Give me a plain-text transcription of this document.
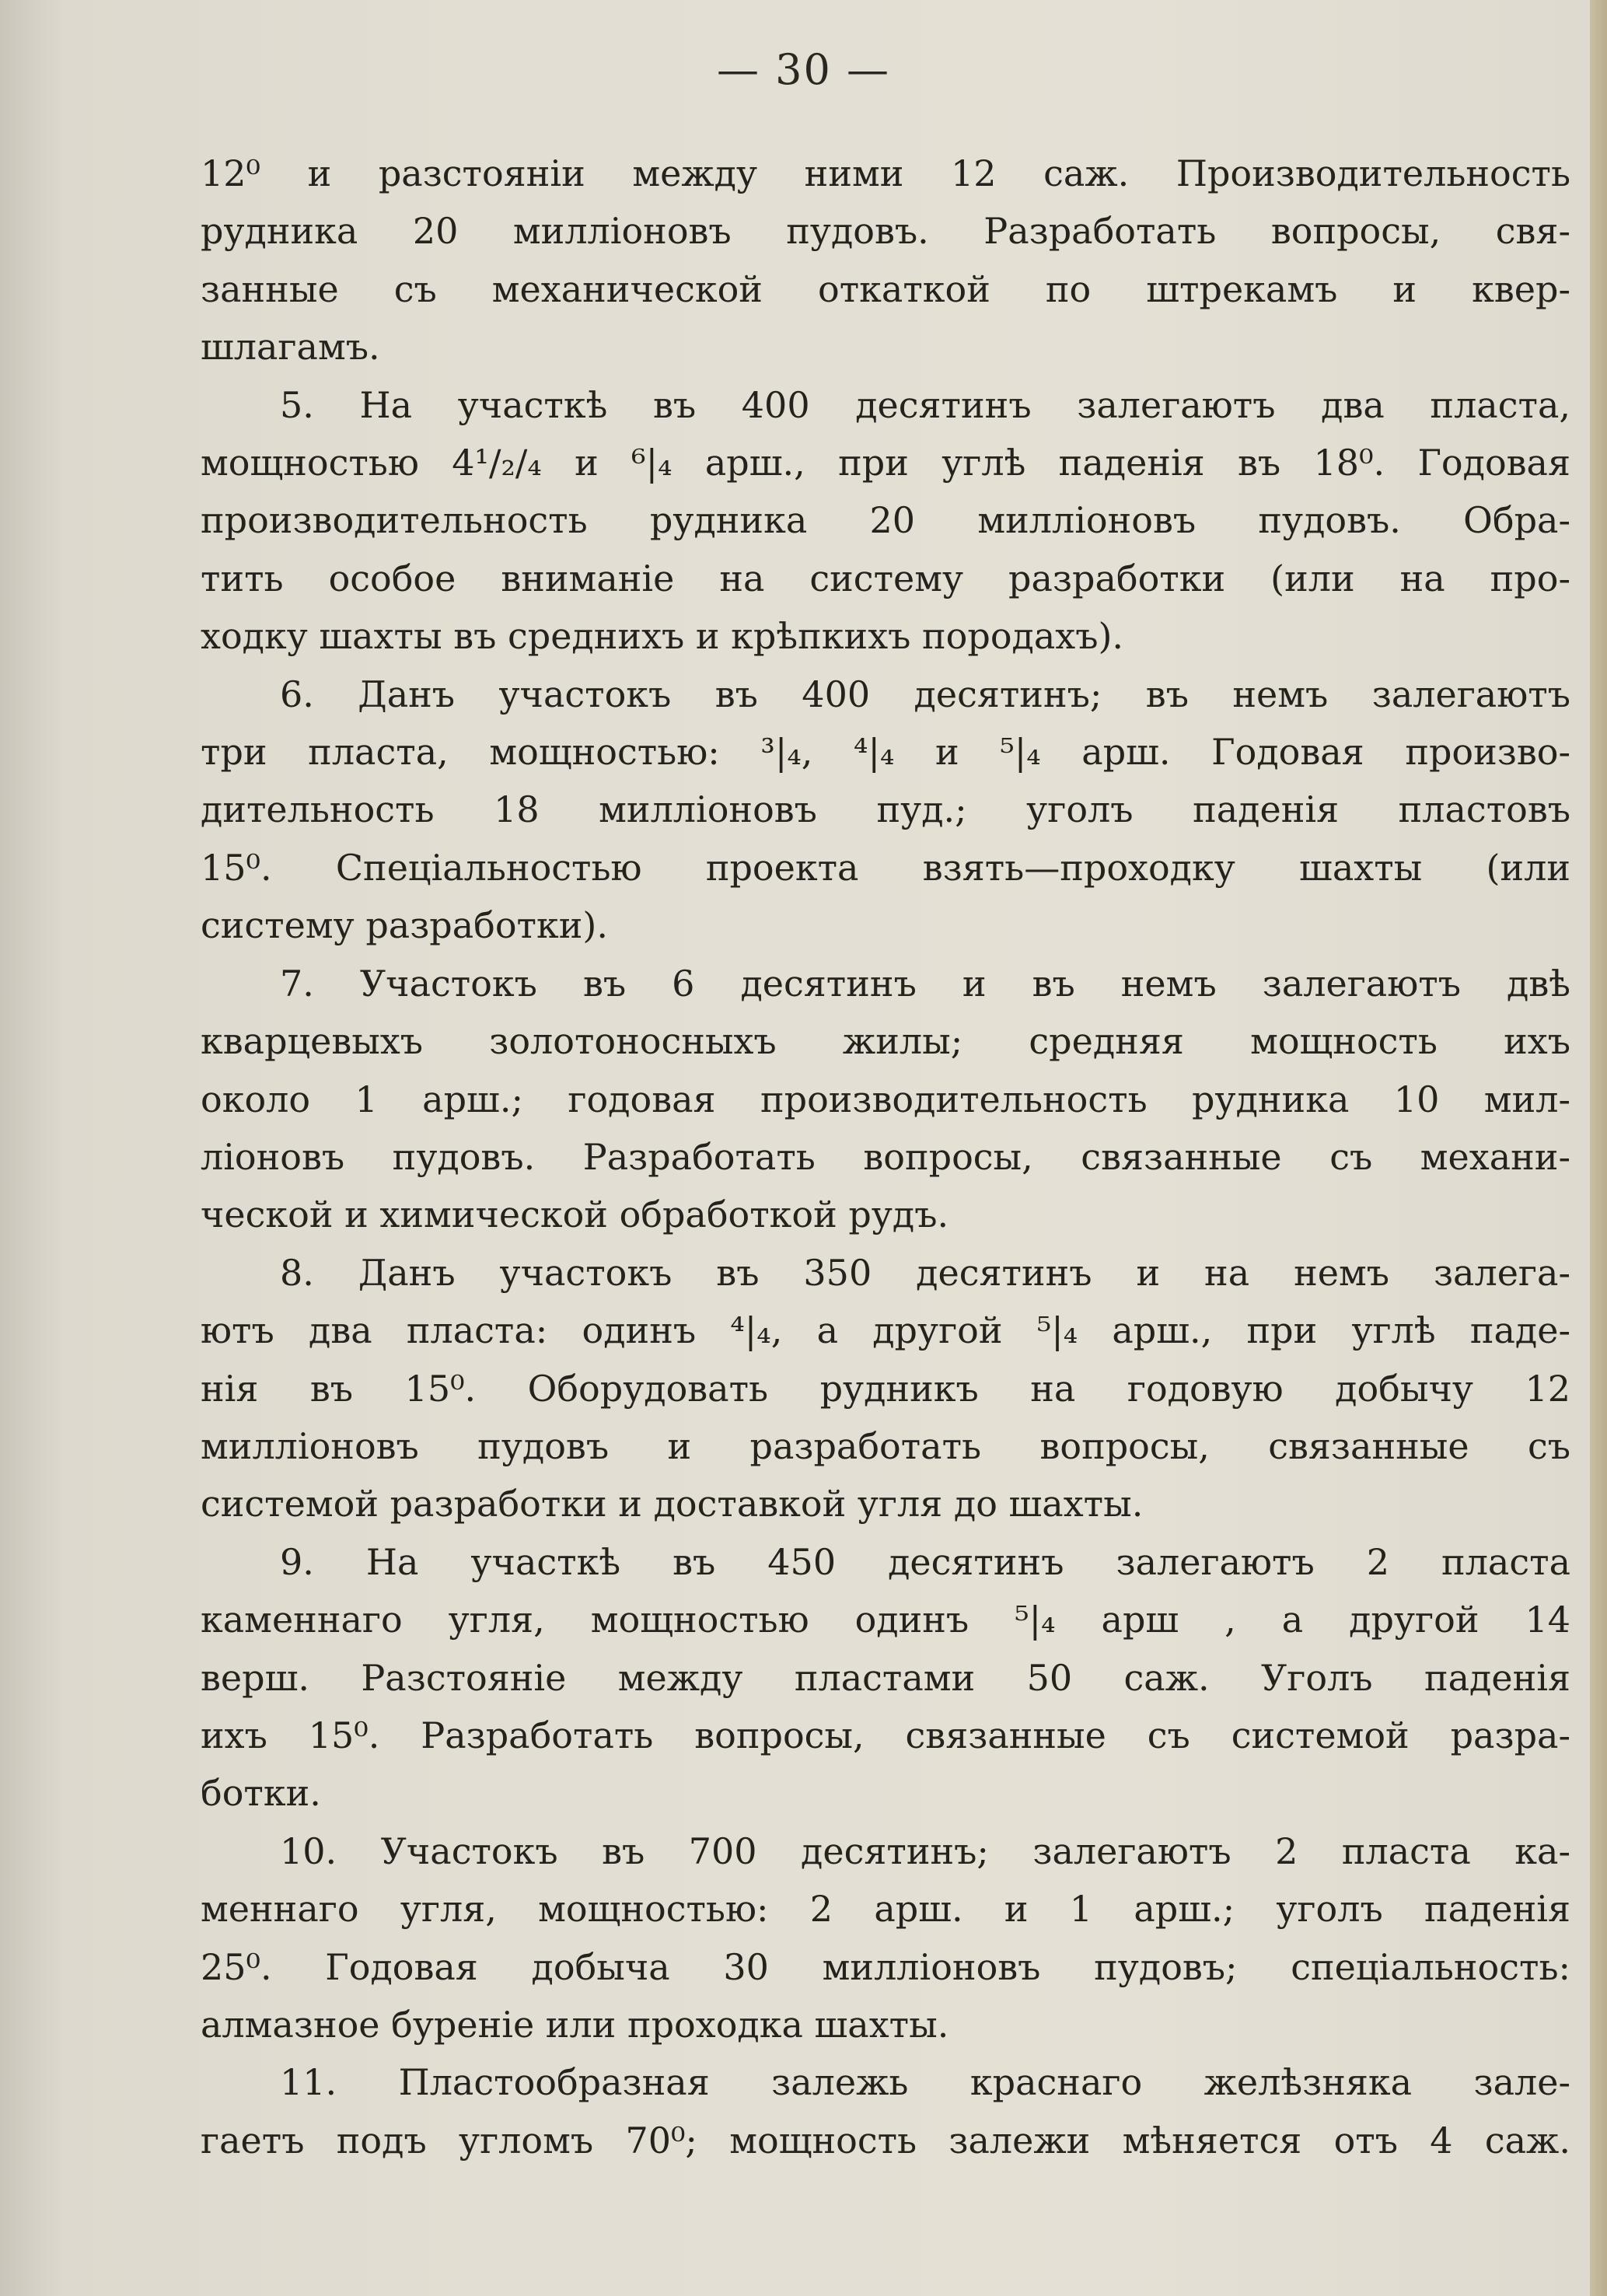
— 30 —

12⁰ и разстояніи между ними 12 саж. Производительность
рудника 20 милліоновъ пудовъ. Разработать вопросы, свя-
занные съ механической откаткой по штрекамъ и квер-
шлагамъ.

5. На участкѣ въ 400 десятинъ залегаютъ два пласта,
мощностью 4¹/₂/₄ и ⁶|₄ арш., при углѣ паденія въ 18⁰. Годовая
производительность рудника 20 милліоновъ пудовъ. Обра-
тить особое вниманіе на систему разработки (или на про-
ходку шахты въ среднихъ и крѣпкихъ породахъ).

6. Данъ участокъ въ 400 десятинъ; въ немъ залегаютъ
три пласта, мощностью: ³|₄, ⁴|₄ и ⁵|₄ арш. Годовая произво-
дительность 18 милліоновъ пуд.; уголъ паденія пластовъ
15⁰. Спеціальностью проекта взять—проходку шахты (или
систему разработки).

7. Участокъ въ 6 десятинъ и въ немъ залегаютъ двѣ
кварцевыхъ золотоносныхъ жилы; средняя мощность ихъ
около 1 арш.; годовая производительность рудника 10 мил-
ліоновъ пудовъ. Разработать вопросы, связанные съ механи-
ческой и химической обработкой рудъ.

8. Данъ участокъ въ 350 десятинъ и на немъ залега-
ютъ два пласта: одинъ ⁴|₄, а другой ⁵|₄ арш., при углѣ паде-
нія въ 15⁰. Оборудовать рудникъ на годовую добычу 12
милліоновъ пудовъ и разработать вопросы, связанные съ
системой разработки и доставкой угля до шахты.

9. На участкѣ въ 450 десятинъ залегаютъ 2 пласта
каменнаго угля, мощностью одинъ ⁵|₄ арш , а другой 14
верш. Разстояніе между пластами 50 саж. Уголъ паденія
ихъ 15⁰. Разработать вопросы, связанные съ системой разра-
ботки.

10. Участокъ въ 700 десятинъ; залегаютъ 2 пласта ка-
меннаго угля, мощностью: 2 арш. и 1 арш.; уголъ паденія
25⁰. Годовая добыча 30 милліоновъ пудовъ; спеціальность:
алмазное буреніе или проходка шахты.

11. Пластообразная залежь краснаго желѣзняка зале-
гаетъ подъ угломъ 70⁰; мощность залежи мѣняется отъ 4 саж.
